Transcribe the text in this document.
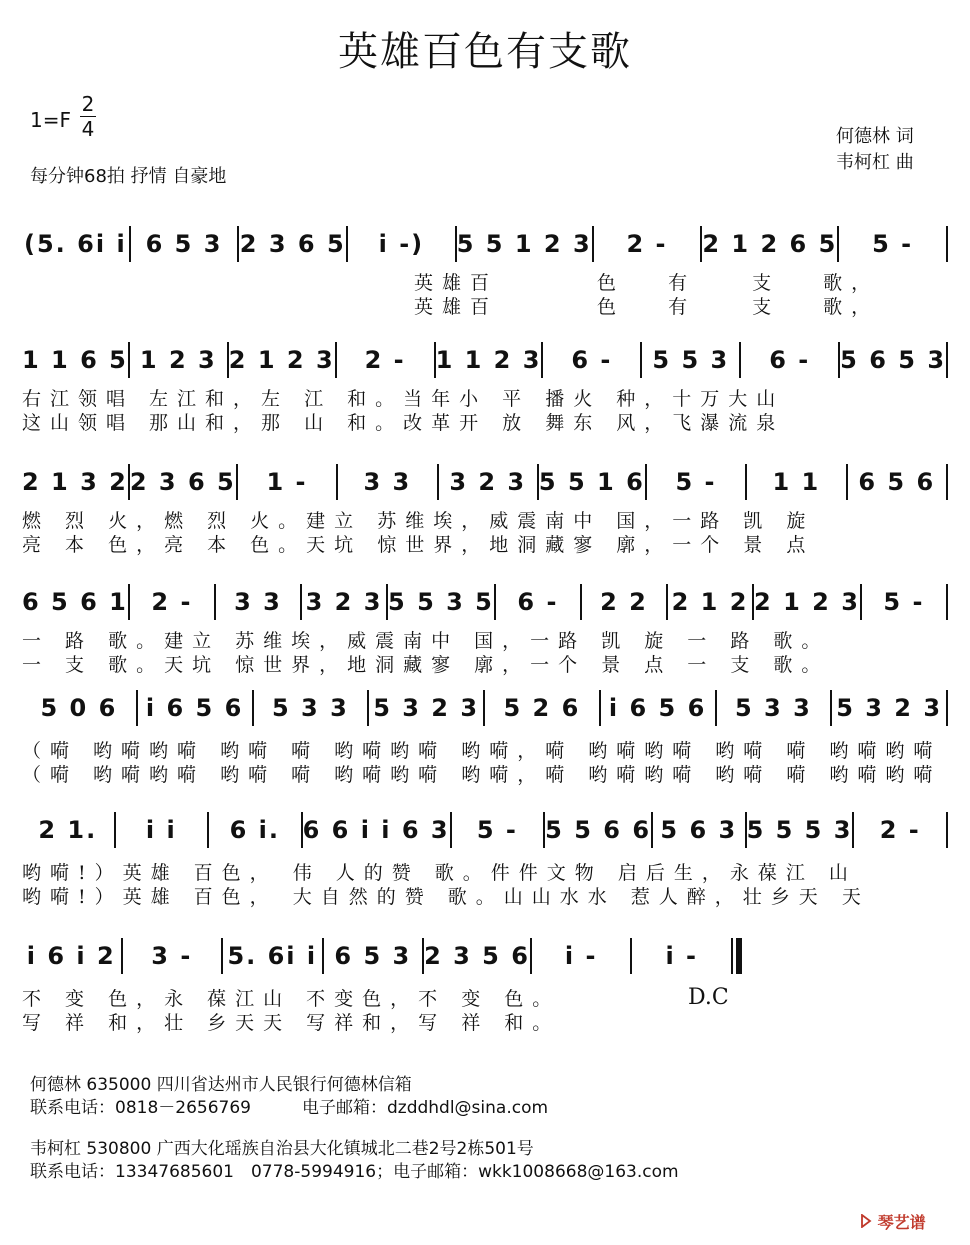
英雄百色有支歌
1=F
2
4
每分钟68拍 抒情 自豪地
何德林 词
韦柯杠 曲
(5. 6i i 6 5 3 2 3 6 5	i -)	5 5 1 2 3	2 -	2 1 2 6 5	5 -
　　　　　　　　　　　　　　英雄百　　　 色　 有　　支　 歌，
　　　　　　　　　　　　　　英雄百　　　 色　 有　　支　 歌，
1 1 6 5 1 2 3 2 1 2 3	2 -	1 1 2 3	6 -	5 5 3	6 -	5 6 5 3
右江领唱 左江和，左 江 和。当年小 平 播火 种，十万大山
这山领唱 那山和，那 山 和。改革开 放 舞东 风，飞瀑流泉
2 1 3 2 2 3 6 5	1 -	3 3	3 2 3 5 5 1 6	5 -	1 1	6 5 6
燃 烈 火，燃 烈 火。建立 苏维埃，威震南中 国，一路 凯 旋
亮 本 色，亮 本 色。天坑 惊世界，地洞藏寥 廓，一个 景 点
6 5 6 1 2 -	3 3 3 2 3 5 5 3 5 6 -	2 2 2 1 2 2 1 2 3 5 -
一 路 歌。建立 苏维埃，威震南中 国，一路 凯 旋 一 路 歌。
一 支 歌。天坑 惊世界，地洞藏寥 廓，一个 景 点 一 支 歌。
5 0 6	i 6 5 6	5 3 3	5 3 2 3	5 2 6	i 6 5 6	5 3 3	5 3 2 3
（嗬 哟嗬哟嗬 哟嗬 嗬 哟嗬哟嗬 哟嗬，嗬 哟嗬哟嗬 哟嗬 嗬 哟嗬哟嗬
（嗬 哟嗬哟嗬 哟嗬 嗬 哟嗬哟嗬 哟嗬，嗬 哟嗬哟嗬 哟嗬 嗬 哟嗬哟嗬
2 1.	i i	6 i. 6 6 i i 6 3	5 -	5 5 6 6 5 6 3 5 5 5 3	2 -
哟嗬!）英雄 百色， 伟 人的赞 歌。件件文物 启后生，永葆江 山
哟嗬!）英雄 百色， 大自然的赞 歌。山山水水 惹人醉，壮乡天 天
i 6 i 2	3 -	5. 6i i 6 5 3 2 3 5 6	i -	i -
不 变 色，永 葆江山 不变色，不 变 色。
写 祥 和，壮 乡天天 写祥和，写 祥 和。
D.C
何德林 635000 四川省达州市人民银行何德林信箱
联系电话：0818－2656769　　　电子邮箱：dzddhdl@sina.com
韦柯杠 530800 广西大化瑶族自治县大化镇城北二巷2号2栋501号
联系电话：13347685601　0778-5994916；电子邮箱：wkk1008668@163.com
琴艺谱
